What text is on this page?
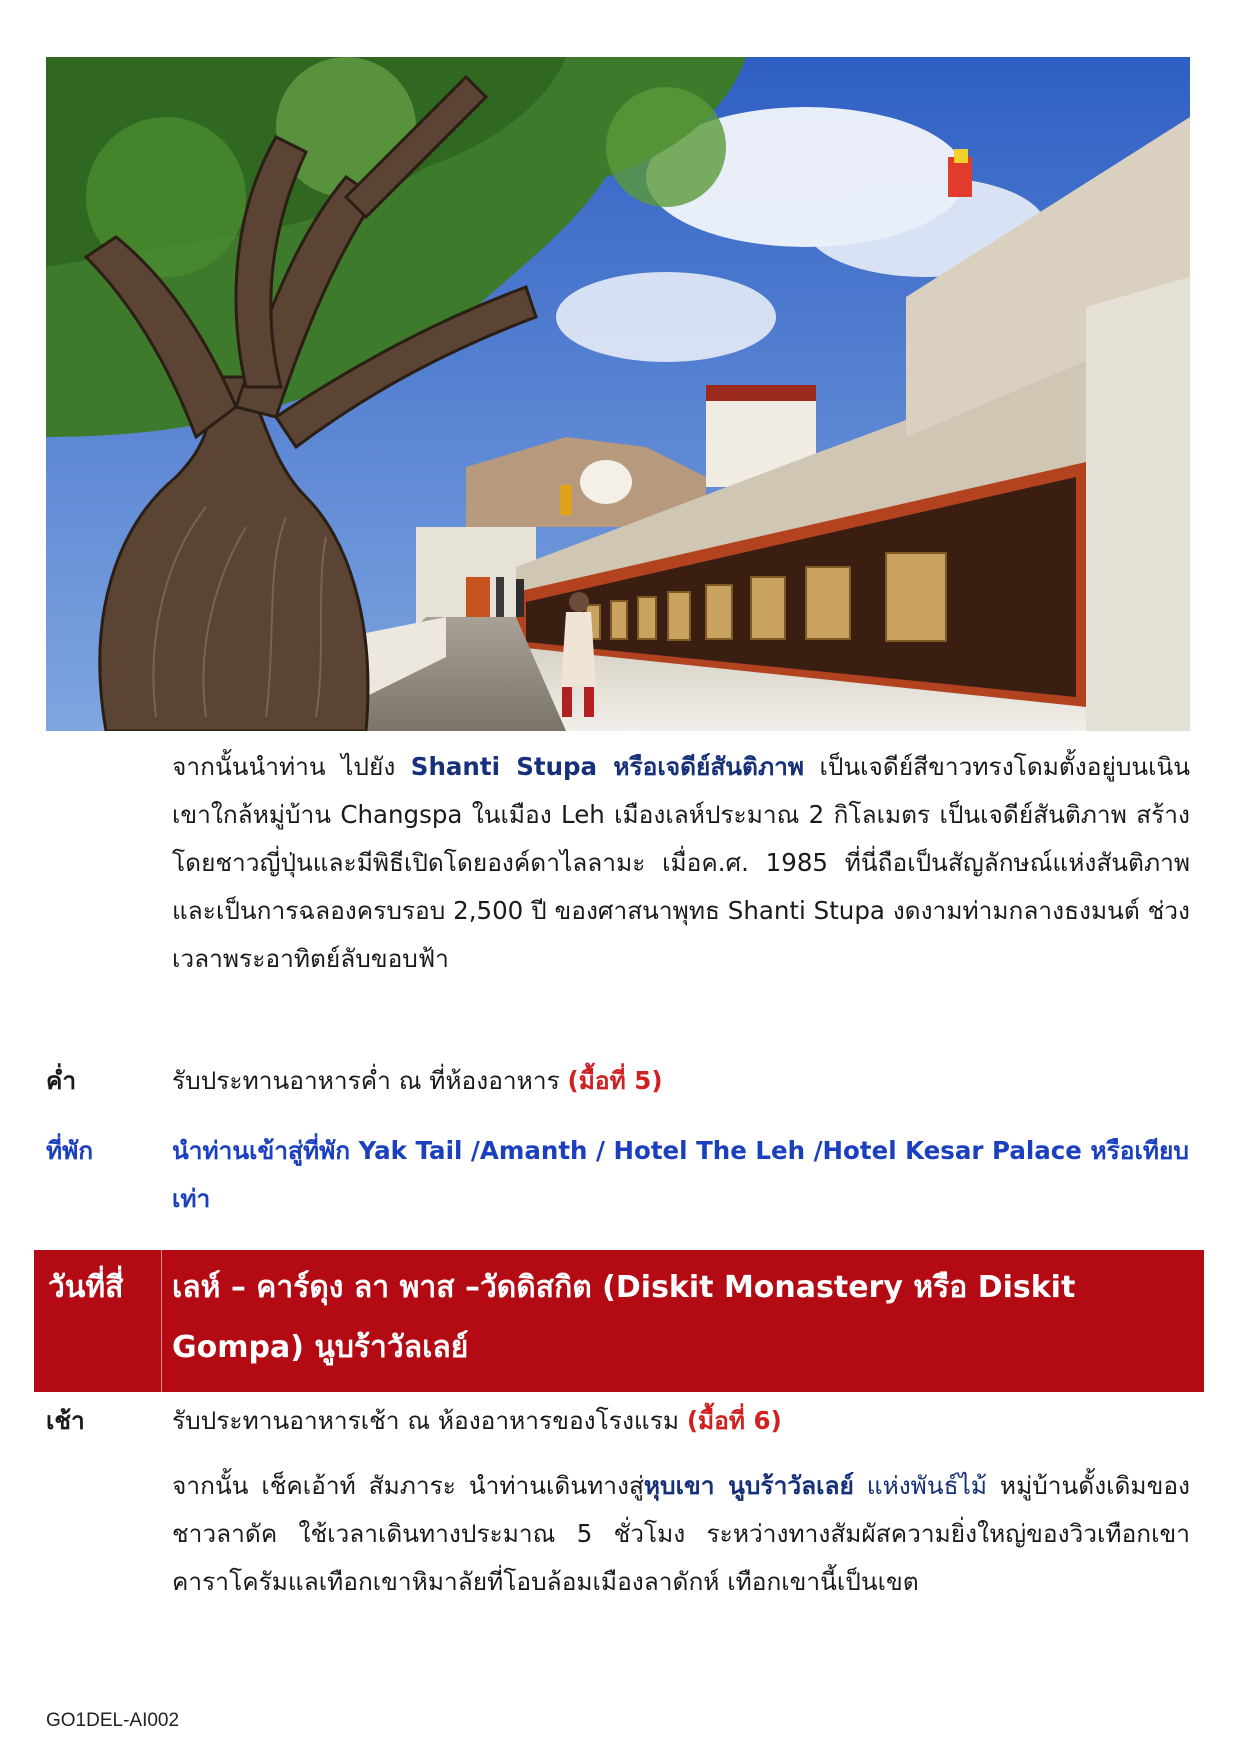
จากนั้นนำท่าน ไปยัง Shanti Stupa หรือเจดีย์สันติภาพ เป็นเจดีย์สีขาวทรงโดมตั้งอยู่บนเนินเขาใกล้หมู่บ้าน Changspa ในเมือง Leh เมืองเลห์ประมาณ 2 กิโลเมตร เป็นเจดีย์สันติภาพ สร้างโดยชาวญี่ปุ่นและมีพิธีเปิดโดยองค์ดาไลลามะ เมื่อค.ศ. 1985 ที่นี่ถือเป็นสัญลักษณ์แห่งสันติภาพและเป็นการฉลองครบรอบ 2,500 ปี ของศาสนาพุทธ Shanti Stupa งดงามท่ามกลางธงมนต์ ช่วงเวลาพระอาทิตย์ลับขอบฟ้า
ค่ำ	รับประทานอาหารค่ำ ณ ที่ห้องอาหาร (มื้อที่ 5)
ที่พัก	นำท่านเข้าสู่ที่พัก Yak Tail /Amanth / Hotel The Leh /Hotel Kesar Palace หรือเทียบเท่า
วันที่สี่	เลห์ – คาร์ดุง ลา พาส –วัดดิสกิต (Diskit Monastery หรือ Diskit Gompa) นูบร้าวัลเลย์
เช้า	รับประทานอาหารเช้า ณ ห้องอาหารของโรงแรม (มื้อที่ 6)
จากนั้น เช็คเอ้าท์ สัมภาระ นำท่านเดินทางสู่หุบเขา นูบร้าวัลเลย์ แห่งพันธ์ไม้ หมู่บ้านดั้งเดิมของชาวลาดัค ใช้เวลาเดินทางประมาณ 5 ชั่วโมง ระหว่างทางสัมผัสความยิ่งใหญ่ของวิวเทือกเขาคาราโครัมแลเทือกเขาหิมาลัยที่โอบล้อมเมืองลาดักห์ เทือกเขานี้เป็นเขต
GO1DEL-AI002
